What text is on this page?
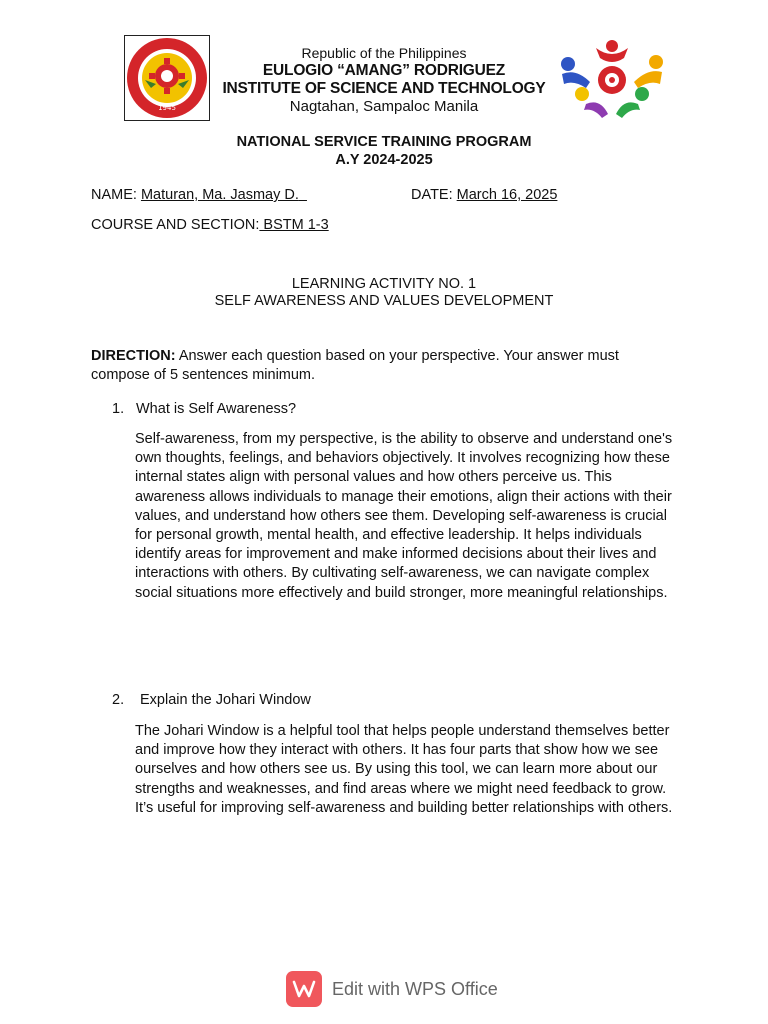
1945
Republic of the Philippines
EULOGIO “AMANG” RODRIGUEZ
INSTITUTE OF SCIENCE AND TECHNOLOGY
Nagtahan, Sampaloc Manila
NATIONAL SERVICE TRAINING PROGRAM
A.Y 2024-2025
NAME: Maturan, Ma. Jasmay D.	DATE: March 16, 2025
COURSE AND SECTION: BSTM 1-3
LEARNING ACTIVITY NO. 1
SELF AWARENESS AND VALUES DEVELOPMENT
DIRECTION: Answer each question based on your perspective. Your answer must compose of 5 sentences minimum.
1. What is Self Awareness?
Self-awareness, from my perspective, is the ability to observe and understand one's own thoughts, feelings, and behaviors objectively. It involves recognizing how these internal states align with personal values and how others perceive us. This awareness allows individuals to manage their emotions, align their actions with their values, and understand how others see them. Developing self-awareness is crucial for personal growth, mental health, and effective leadership. It helps individuals identify areas for improvement and make informed decisions about their lives and interactions with others. By cultivating self-awareness, we can navigate complex social situations more effectively and build stronger, more meaningful relationships.
2. Explain the Johari Window
The Johari Window is a helpful tool that helps people understand themselves better and improve how they interact with others. It has four parts that show how we see ourselves and how others see us. By using this tool, we can learn more about our strengths and weaknesses, and find areas where we might need feedback to grow. It’s useful for improving self-awareness and building better relationships with others.
Edit with WPS Office
